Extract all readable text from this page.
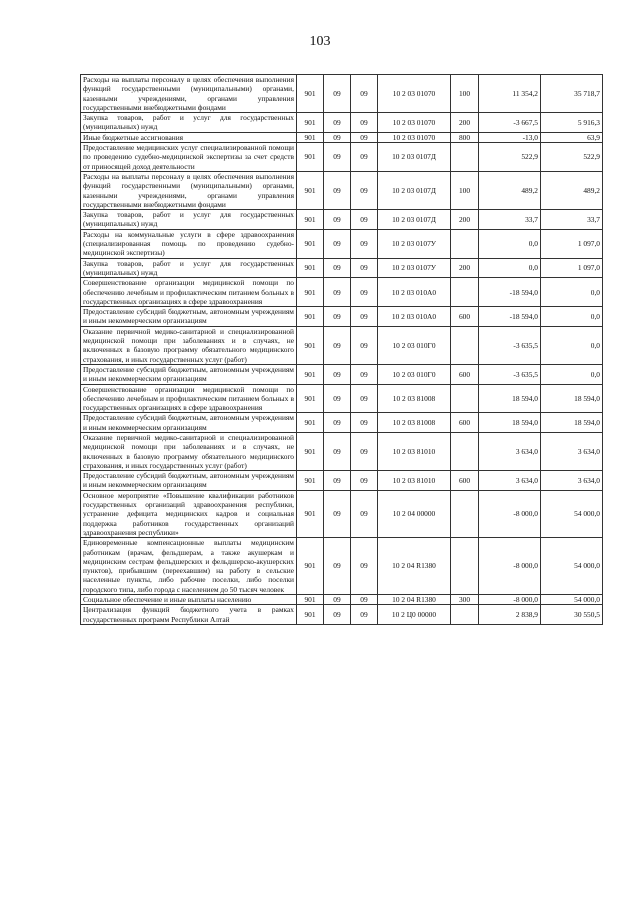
103
Расходы на выплаты персоналу в целях обеспечения выполнения функций государственными (муниципальными) органами, казенными учреждениями, органами управления государственными внебюджетными фондами	901	09	09	10 2 03 01070	100	11 354,2	35 718,7
Закупка товаров, работ и услуг для государственных (муниципальных) нужд	901	09	09	10 2 03 01070	200	-3 667,5	5 916,3
Иные бюджетные ассигнования	901	09	09	10 2 03 01070	800	-13,0	63,9
Предоставление медицинских услуг специализированной помощи по проведению судебно-медицинской экспертизы за счет средств от приносящей доход деятельности	901	09	09	10 2 03 0107Д		522,9	522,9
Расходы на выплаты персоналу в целях обеспечения выполнения функций государственными (муниципальными) органами, казенными учреждениями, органами управления государственными внебюджетными фондами	901	09	09	10 2 03 0107Д	100	489,2	489,2
Закупка товаров, работ и услуг для государственных (муниципальных) нужд	901	09	09	10 2 03 0107Д	200	33,7	33,7
Расходы на коммунальные услуги в сфере здравоохранения (специализированная помощь по проведению судебно-медицинской экспертизы)	901	09	09	10 2 03 0107У		0,0	1 097,0
Закупка товаров, работ и услуг для государственных (муниципальных) нужд	901	09	09	10 2 03 0107У	200	0,0	1 097,0
Совершенствование организации медицинской помощи по обеспечению лечебным и профилактическим питанием больных в государственных организациях в сфере здравоохранения	901	09	09	10 2 03 010А0		-18 594,0	0,0
Предоставление субсидий бюджетным, автономным учреждениям и иным некоммерческим организациям	901	09	09	10 2 03 010А0	600	-18 594,0	0,0
Оказание первичной медико-санитарной и специализированной медицинской помощи при заболеваниях и в случаях, не включенных в базовую программу обязательного медицинского страхования, и иных государственных услуг (работ)	901	09	09	10 2 03 010Г0		-3 635,5	0,0
Предоставление субсидий бюджетным, автономным учреждениям и иным некоммерческим организациям	901	09	09	10 2 03 010Г0	600	-3 635,5	0,0
Совершенствование организации медицинской помощи по обеспечению лечебным и профилактическим питанием больных в государственных организациях в сфере здравоохранения	901	09	09	10 2 03 81008		18 594,0	18 594,0
Предоставление субсидий бюджетным, автономным учреждениям и иным некоммерческим организациям	901	09	09	10 2 03 81008	600	18 594,0	18 594,0
Оказание первичной медико-санитарной и специализированной медицинской помощи при заболеваниях и в случаях, не включенных в базовую программу обязательного медицинского страхования, и иных государственных услуг (работ)	901	09	09	10 2 03 81010		3 634,0	3 634,0
Предоставление субсидий бюджетным, автономным учреждениям и иным некоммерческим организациям	901	09	09	10 2 03 81010	600	3 634,0	3 634,0
Основное мероприятие «Повышение квалификации работников государственных организаций здравоохранения республики, устранение дефицита медицинских кадров и социальная поддержка работников государственных организаций здравоохранения республики»	901	09	09	10 2 04 00000		-8 000,0	54 000,0
Единовременные компенсационные выплаты медицинским работникам (врачам, фельдшерам, а также акушеркам и медицинским сестрам фельдшерских и фельдшерско-акушерских пунктов), прибывшим (переехавшим) на работу в сельские населенные пункты, либо рабочие поселки, либо поселки городского типа, либо города с населением до 50 тысяч человек	901	09	09	10 2 04 R1380		-8 000,0	54 000,0
Социальное обеспечение и иные выплаты населению	901	09	09	10 2 04 R1380	300	-8 000,0	54 000,0
Централизация функций бюджетного учета в рамках государственных программ Республики Алтай	901	09	09	10 2 Ц0 00000		2 838,9	30 550,5
